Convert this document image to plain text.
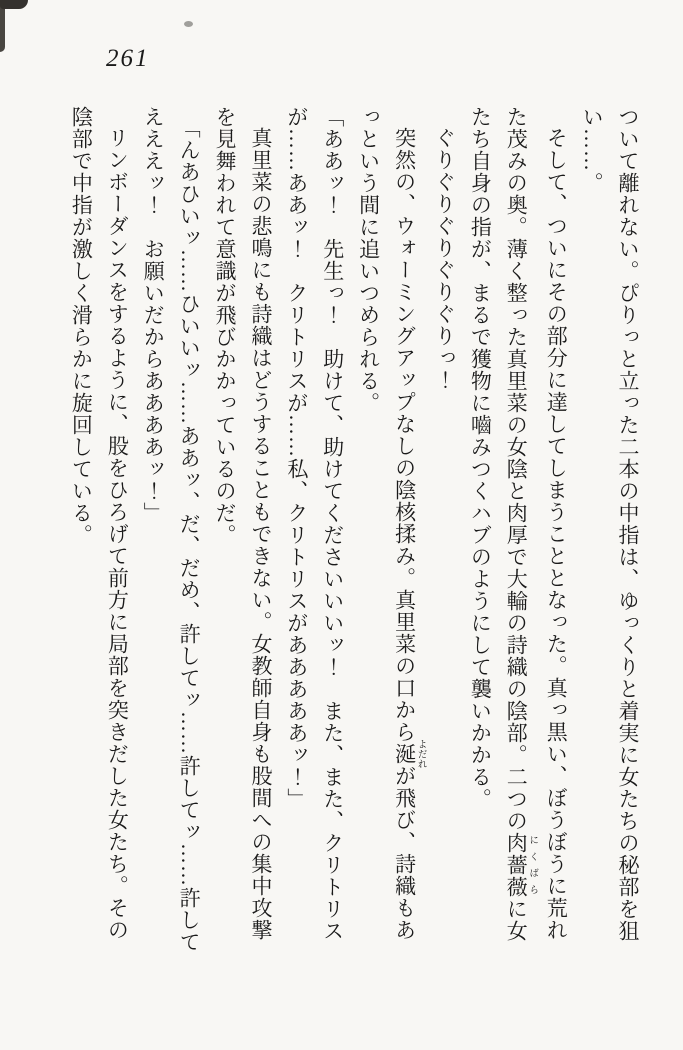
261
ついて離れない。ぴりっと立った二本の中指は、ゆっくりと着実に女たちの秘部を狙
い……。
そして、ついにその部分に達してしまうこととなった。真っ黒い、ぼうぼうに荒れ
た茂みの奥。薄く整った真里菜の女陰と肉厚で大輪の詩織の陰部。二つの肉薔薇 にくばらに女
たち自身の指が、まるで獲物に嚙みつくハブのようにして襲いかかる。
ぐりぐりぐりぐりぐりっ！
突然の、ウォーミングアップなしの陰核揉み。真里菜の口から涎 よだれが飛び、詩織もあ
っという間に追いつめられる。
「ああッ！　先生っ！　助けて、助けてくださいいいッ！　また、また、クリトリス
が……ああッ！　クリトリスが……私、クリトリスがあああああッ！」
真里菜の悲鳴にも詩織はどうすることもできない。女教師自身も股間への集中攻撃
を見舞われて意識が飛びかかっているのだ。
「んあひいッ……ひいいッ……ああッ、だ、だめ、許してッ……許してッ……許して
えええッ！　お願いだからああああッ！」
リンボーダンスをするように、股をひろげて前方に局部を突きだした女たち。その
陰部で中指が激しく滑らかに旋回している。
